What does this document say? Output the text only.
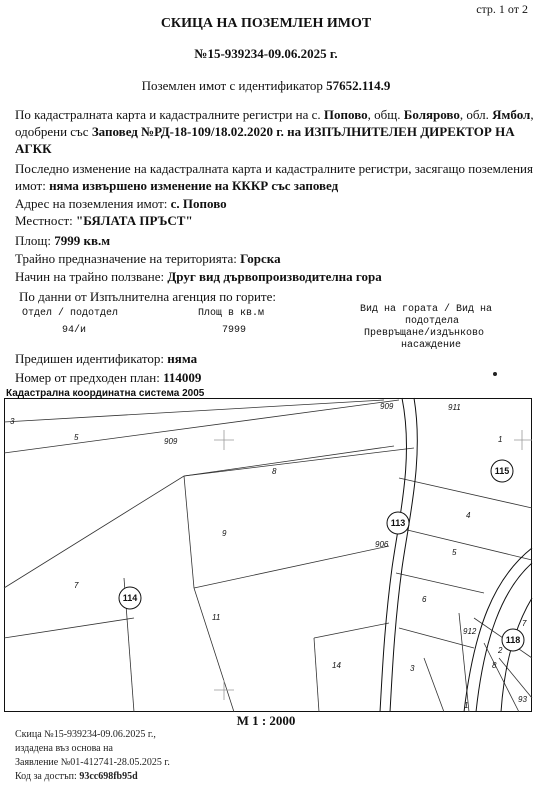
стр. 1 от 2
СКИЦА НА ПОЗЕМЛЕН ИМОТ
№15-939234-09.06.2025 г.
Поземлен имот с идентификатор 57652.114.9
По кадастралната карта и кадастралните регистри на с. Попово, общ. Болярово, обл. Ямбол,
одобрени със Заповед №РД-18-109/18.02.2020 г. на ИЗПЪЛНИТЕЛЕН ДИРЕКТОР НА
АГКК
Последно изменение на кадастралната карта и кадастралните регистри, засягащо поземления
имот: няма извършено изменение на КККР със заповед
Адрес на поземления имот: с. Попово
Местност: "БЯЛАТА ПРЪСТ"
Площ: 7999 кв.м
Трайно предназначение на територията: Горска
Начин на трайно ползване: Друг вид дървопроизводителна гора
По данни от Изпълнителна агенция по горите:
Отдел / подотдел	Площ в кв.м	Вид на гората / Вид на
подотдела
94/и	7999	Превръщане/издънково
насаждение
Предишен идентификатор: няма
Номер от предходен план: 114009
Кадастрална координатна система 2005
3
5	909
8
9
7
11
14
1
4
5
6
3
1
2
8
7
912
906
909	911
93
115
113
114
118
М 1 : 2000
Скица №15-939234-09.06.2025 г.,
издадена въз основа на
Заявление №01-412741-28.05.2025 г.
Код за достъп: 93cc698fb95d
